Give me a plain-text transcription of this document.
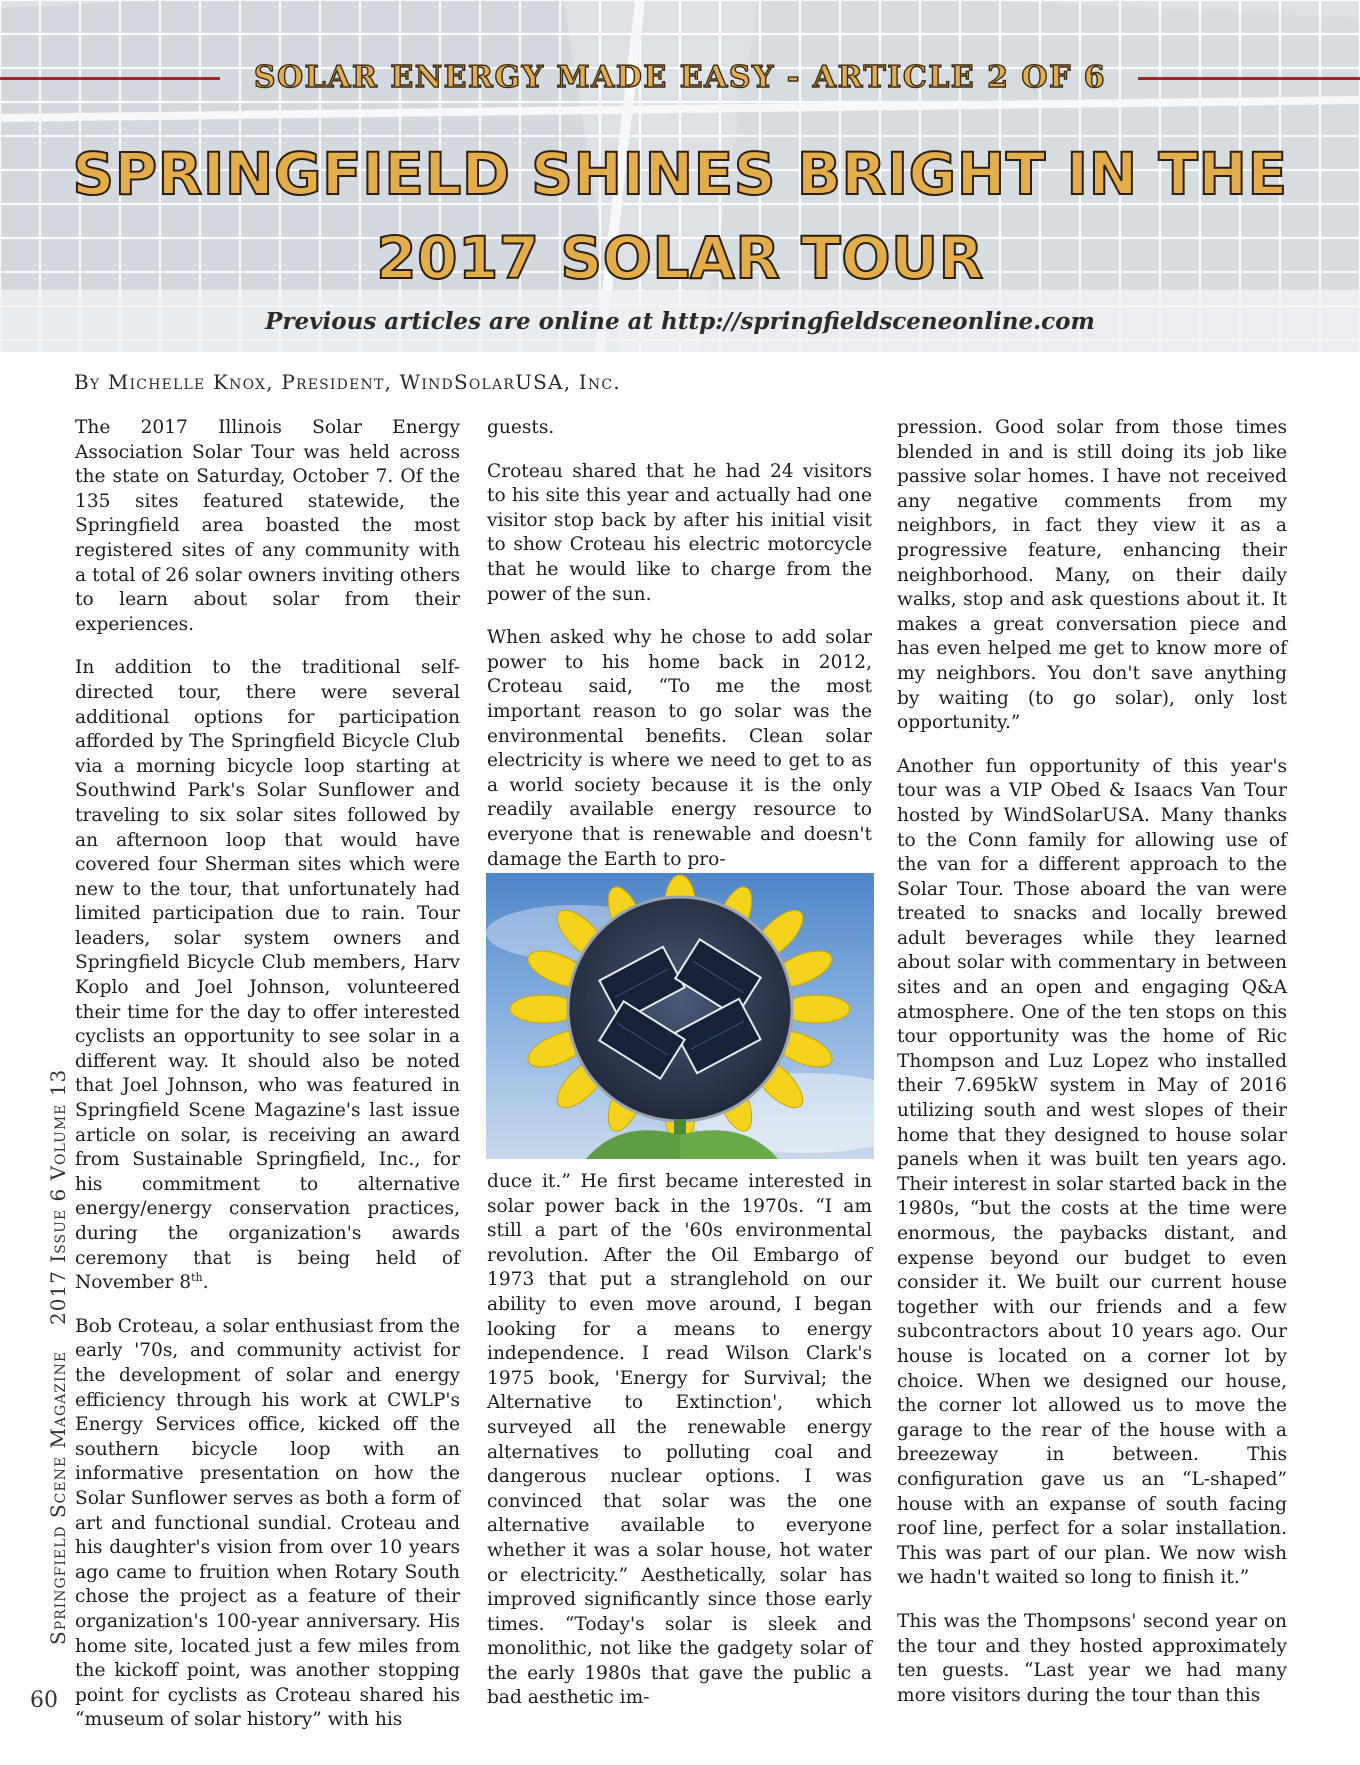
SOLAR ENERGY MADE EASY - ARTICLE 2 OF 6
SPRINGFIELD SHINES BRIGHT IN THE 2017 SOLAR TOUR
Previous articles are online at http://springfieldsceneonline.com
By Michelle Knox, President, WindSolarUSA, Inc.

The 2017 Illinois Solar Energy Association Solar Tour was held across the state on Saturday, October 7. Of the 135 sites featured statewide, the Springfield area boasted the most registered sites of any community with a total of 26 solar owners inviting others to learn about solar from their experiences.

In addition to the traditional self-directed tour, there were several additional options for participation afforded by The Springfield Bicycle Club via a morning bicycle loop starting at Southwind Park's Solar Sunflower and traveling to six solar sites followed by an afternoon loop that would have covered four Sherman sites which were new to the tour, that unfortunately had limited participation due to rain. Tour leaders, solar system owners and Springfield Bicycle Club members, Harv Koplo and Joel Johnson, volunteered their time for the day to offer interested cyclists an opportunity to see solar in a different way. It should also be noted that Joel Johnson, who was featured in Springfield Scene Magazine's last issue article on solar, is receiving an award from Sustainable Springfield, Inc., for his commitment to alternative energy/energy conservation practices, during the organization's awards ceremony that is being held of November 8th.

Bob Croteau, a solar enthusiast from the early '70s, and community activist for the development of solar and energy efficiency through his work at CWLP's Energy Services office, kicked off the southern bicycle loop with an informative presentation on how the Solar Sunflower serves as both a form of art and functional sundial. Croteau and his daughter's vision from over 10 years ago came to fruition when Rotary South chose the project as a feature of their organization's 100-year anniversary. His home site, located just a few miles from the kickoff point, was another stopping point for cyclists as Croteau shared his “museum of solar history” with his

guests.

Croteau shared that he had 24 visitors to his site this year and actually had one visitor stop back by after his initial visit to show Croteau his electric motorcycle that he would like to charge from the power of the sun.

When asked why he chose to add solar power to his home back in 2012, Croteau said, “To me the most important reason to go solar was the environmental benefits. Clean solar electricity is where we need to get to as a world society because it is the only readily available energy resource to everyone that is renewable and doesn't damage the Earth to pro-

duce it.” He first became interested in solar power back in the 1970s. “I am still a part of the '60s environmental revolution. After the Oil Embargo of 1973 that put a stranglehold on our ability to even move around, I began looking for a means to energy independence. I read Wilson Clark's 1975 book, 'Energy for Survival; the Alternative to Extinction', which surveyed all the renewable energy alternatives to polluting coal and dangerous nuclear options. I was convinced that solar was the one alternative available to everyone whether it was a solar house, hot water or electricity.” Aesthetically, solar has improved significantly since those early times. “Today's solar is sleek and monolithic, not like the gadgety solar of the early 1980s that gave the public a bad aesthetic im-

pression. Good solar from those times blended in and is still doing its job like passive solar homes. I have not received any negative comments from my neighbors, in fact they view it as a progressive feature, enhancing their neighborhood. Many, on their daily walks, stop and ask questions about it. It makes a great conversation piece and has even helped me get to know more of my neighbors. You don't save anything by waiting (to go solar), only lost opportunity.”

Another fun opportunity of this year's tour was a VIP Obed & Isaacs Van Tour hosted by WindSolarUSA. Many thanks to the Conn family for allowing use of the van for a different approach to the Solar Tour. Those aboard the van were treated to snacks and locally brewed adult beverages while they learned about solar with commentary in between sites and an open and engaging Q&A atmosphere. One of the ten stops on this tour opportunity was the home of Ric Thompson and Luz Lopez who installed their 7.695kW system in May of 2016 utilizing south and west slopes of their home that they designed to house solar panels when it was built ten years ago. Their interest in solar started back in the 1980s, “but the costs at the time were enormous, the paybacks distant, and expense beyond our budget to even consider it. We built our current house together with our friends and a few subcontractors about 10 years ago. Our house is located on a corner lot by choice. When we designed our house, the corner lot allowed us to move the garage to the rear of the house with a breezeway in between. This configuration gave us an “L-shaped” house with an expanse of south facing roof line, perfect for a solar installation. This was part of our plan. We now wish we hadn't waited so long to finish it.”

This was the Thompsons' second year on the tour and they hosted approximately ten guests. “Last year we had many more visitors during the tour than this

Springfield Scene Magazine2017 Issue 6 Volume 13
60
